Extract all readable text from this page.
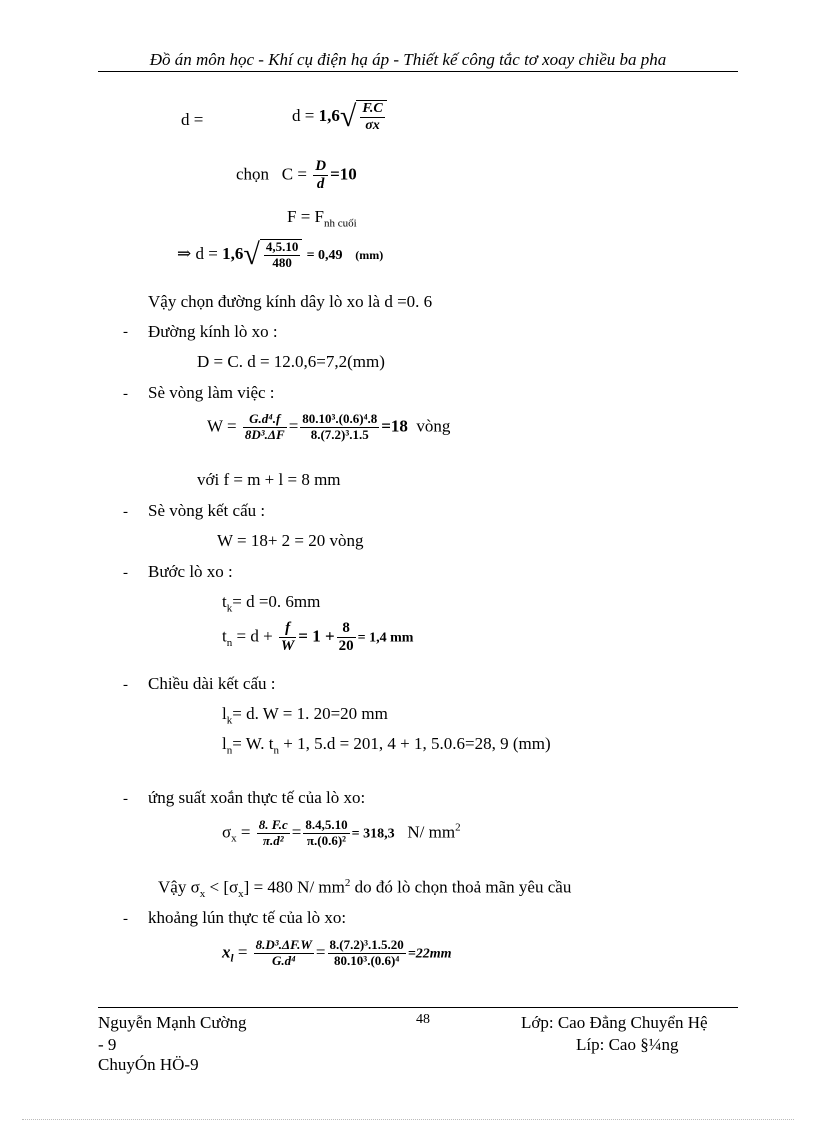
Đồ án môn học - Khí cụ điện hạ áp - Thiết kế công tắc tơ xoay chiều ba pha
d =	$d = 1,6√ \frac{F.C}{\sigma x}$
chọn $C = \frac{D}{d} =10$
$F = F_{nh cuối}$
⇒ $d = 1,6√ \frac{4,5.10}{480} = 0,49$ (mm)
Vậy chọn đường kính dây lò xo là d =0. 6
- Đường kính lò xo :
D = C. d = 12.0,6=7,2(mm)
- Sè vòng làm việc :
$W = \frac{\text{G.d⁴.f}}{\text{8D³.ΔF}} = \frac{\text{80.10³.(0.6)⁴.8}}{\text{8.(7.2)³.1.5}} =18$ vòng
với f = m + l = 8 mm
- Sè vòng kết cấu :
W = 18+ 2 = 20 vòng
- Bước lò xo :
$t_k= d =0$. 6mm
$t_n = d + \frac{f}{W} = 1 + \frac{8}{20} = 1,4$ mm
- Chiều dài kết cấu :
$l_k= d$. W = 1. 20=20 mm
$l_n= W$. $t_n + 1$, 5.d = 201, 4 + 1, 5.0.6=28, 9 (mm)
- ứng suất xoắn thực tế của lò xo:
$\sigma_x = \frac{8. F.c}{\text{π.d²}} = \frac{8.4,5.10}{\text{π.(0.6)²}} = 318,3$ N/ $mm^2$
Vậy $\sigma_x < [\sigma_x] = 480$ N/ $mm^2$ do đó lò chọn thoả mãn yêu cầu
- khoảng lún thực tế của lò xo:
$x_l = \frac{\text{8.D³.ΔF.W}}{\text{G.d⁴}} = \frac{\text{8.(7.2)³.1.5.20}}{\text{80.10³.(0.6)⁴}} =22mm$
Nguyễn Mạnh Cường
- 9
ChuyÓn HÖ-9
48	Lớp: Cao Đẳng Chuyển Hệ
Líp: Cao §¼ng
